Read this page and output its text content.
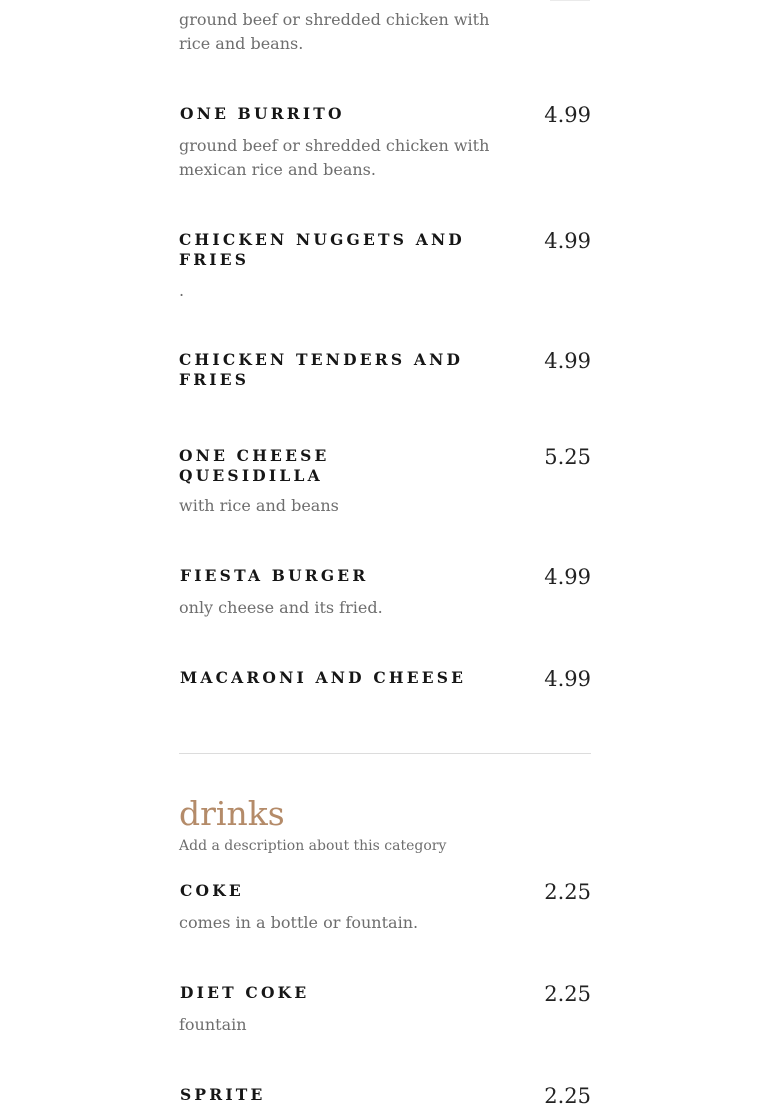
ground beef or shredded chicken with rice and beans.
ONE BURRITO	4.99
ground beef or shredded chicken with mexican rice and beans.
CHICKEN NUGGETS AND FRIES
4.99
.
CHICKEN TENDERS AND FRIES
4.99
ONE CHEESE QUESIDILLA
5.25
with rice and beans
FIESTA BURGER	4.99
only cheese and its fried.
MACARONI AND CHEESE	4.99
drinks
Add a description about this category
COKE	2.25
comes in a bottle or fountain.
DIET COKE	2.25
fountain
SPRITE	2.25
